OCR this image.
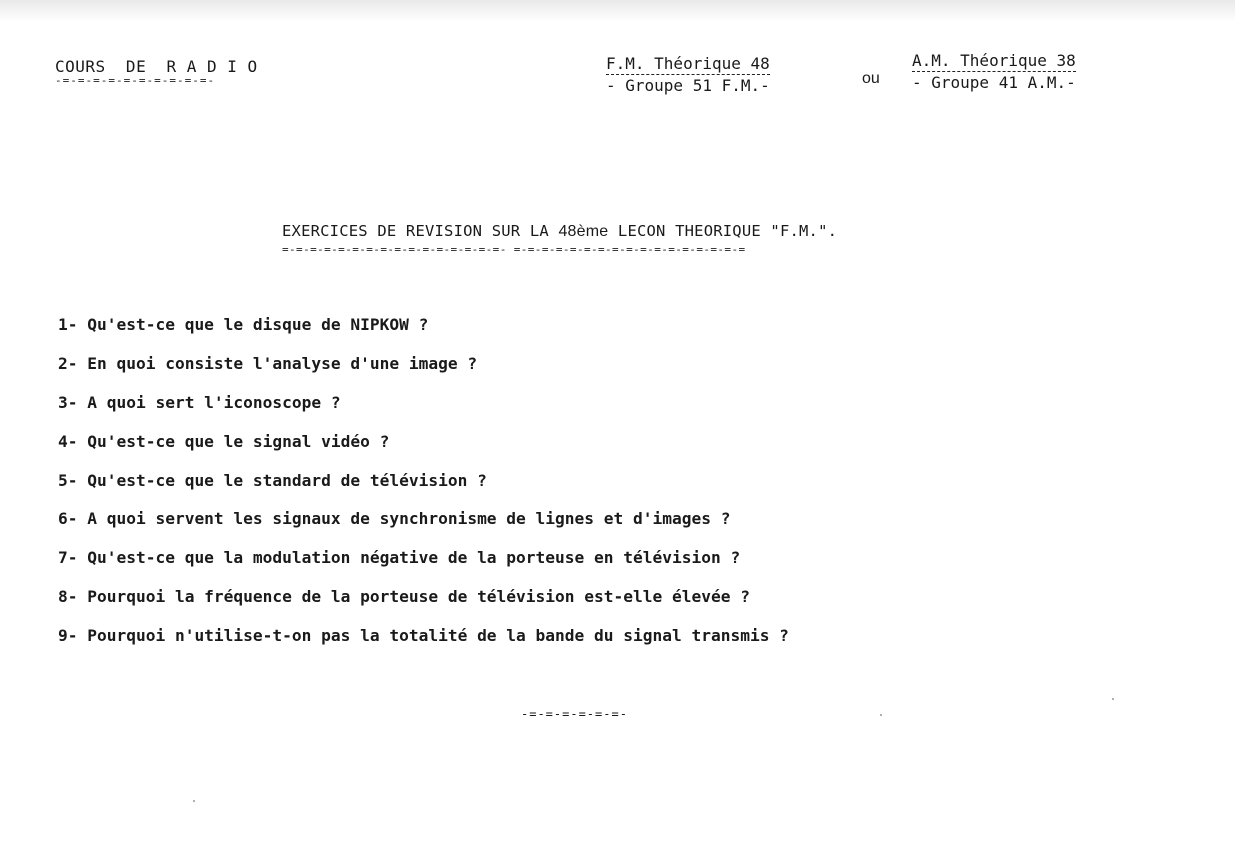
COURS  DE  R A D I O
-=-=-=-=-=-=-=-=-=-=-
F.M. Théorique 48
- Groupe 51 F.M.-	ou
A.M. Théorique 38
- Groupe 41 A.M.-
EXERCICES DE REVISION SUR LA 48ème LECON THEORIQUE "F.M.".
=-=-=-=-=-=-=-=-=-=-=-=-=-=-=-=- =-=-=-=-=-=-=-=-=-=-=-=-=-=-=-=-=
1- Qu'est-ce que le disque de NIPKOW ?
2- En quoi consiste l'analyse d'une image ?
3- A quoi sert l'iconoscope ?
4- Qu'est-ce que le signal vidéo ?
5- Qu'est-ce que le standard de télévision ?
6- A quoi servent les signaux de synchronisme de lignes et d'images ?
7- Qu'est-ce que la modulation négative de la porteuse en télévision ?
8- Pourquoi la fréquence de la porteuse de télévision est-elle élevée ?
9- Pourquoi n'utilise-t-on pas la totalité de la bande du signal transmis ?
-=-=-=-=-=-=-
